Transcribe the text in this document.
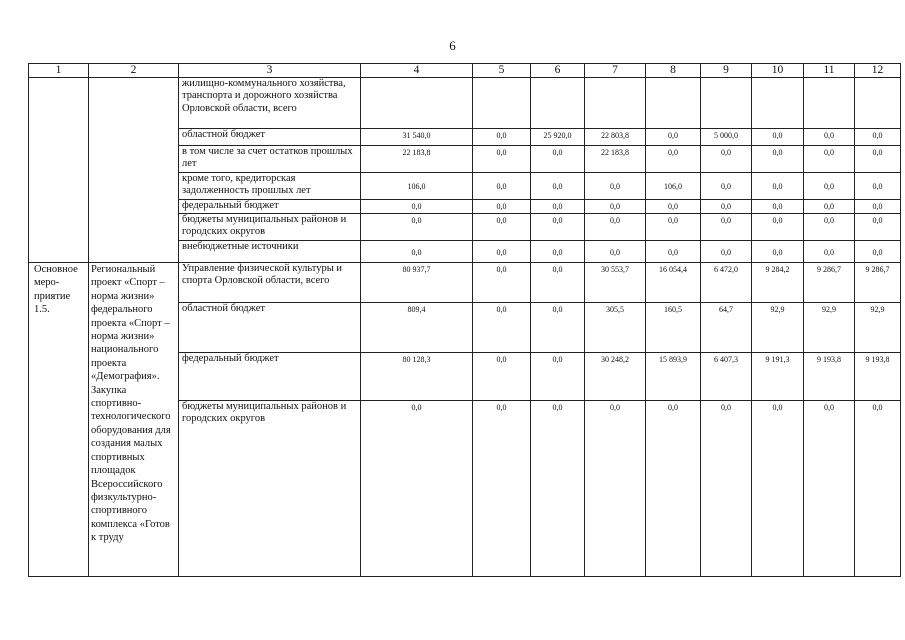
6
1	2	3	4	5	6	7	8	9	10	11	12
		жилищно-коммунального хозяйства, транспорта и дорожного хозяйства Орловской области, всего									
		областной бюджет	31 540,0	0,0	25 920,0	22 803,8	0,0	5 000,0	0,0	0,0	0,0
		в том числе за счет остатков прошлых лет	22 183,8	0,0	0,0	22 183,8	0,0	0,0	0,0	0,0	0,0
		кроме того, кредиторская задолженность прошлых лет	106,0	0,0	0,0	0,0	106,0	0,0	0,0	0,0	0,0
		федеральный бюджет	0,0	0,0	0,0	0,0	0,0	0,0	0,0	0,0	0,0
		бюджеты муниципальных районов и городских округов	0,0	0,0	0,0	0,0	0,0	0,0	0,0	0,0	0,0
		внебюджетные источники	0,0	0,0	0,0	0,0	0,0	0,0	0,0	0,0	0,0
Основное меро-приятие 1.5.	Региональный проект «Спорт – норма жизни» федерального проекта «Спорт – норма жизни» национального проекта «Демография». Закупка спортивно-технологического оборудования для создания малых спортивных площадок Всероссийского физкультурно-спортивного комплекса «Готов к труду	Управление физической культуры и спорта Орловской области, всего	80 937,7	0,0	0,0	30 553,7	16 054,4	6 472,0	9 284,2	9 286,7	9 286,7
		областной бюджет	809,4	0,0	0,0	305,5	160,5	64,7	92,9	92,9	92,9
		федеральный бюджет	80 128,3	0,0	0,0	30 248,2	15 893,9	6 407,3	9 191,3	9 193,8	9 193,8
		бюджеты муниципальных районов и городских округов	0,0	0,0	0,0	0,0	0,0	0,0	0,0	0,0	0,0
